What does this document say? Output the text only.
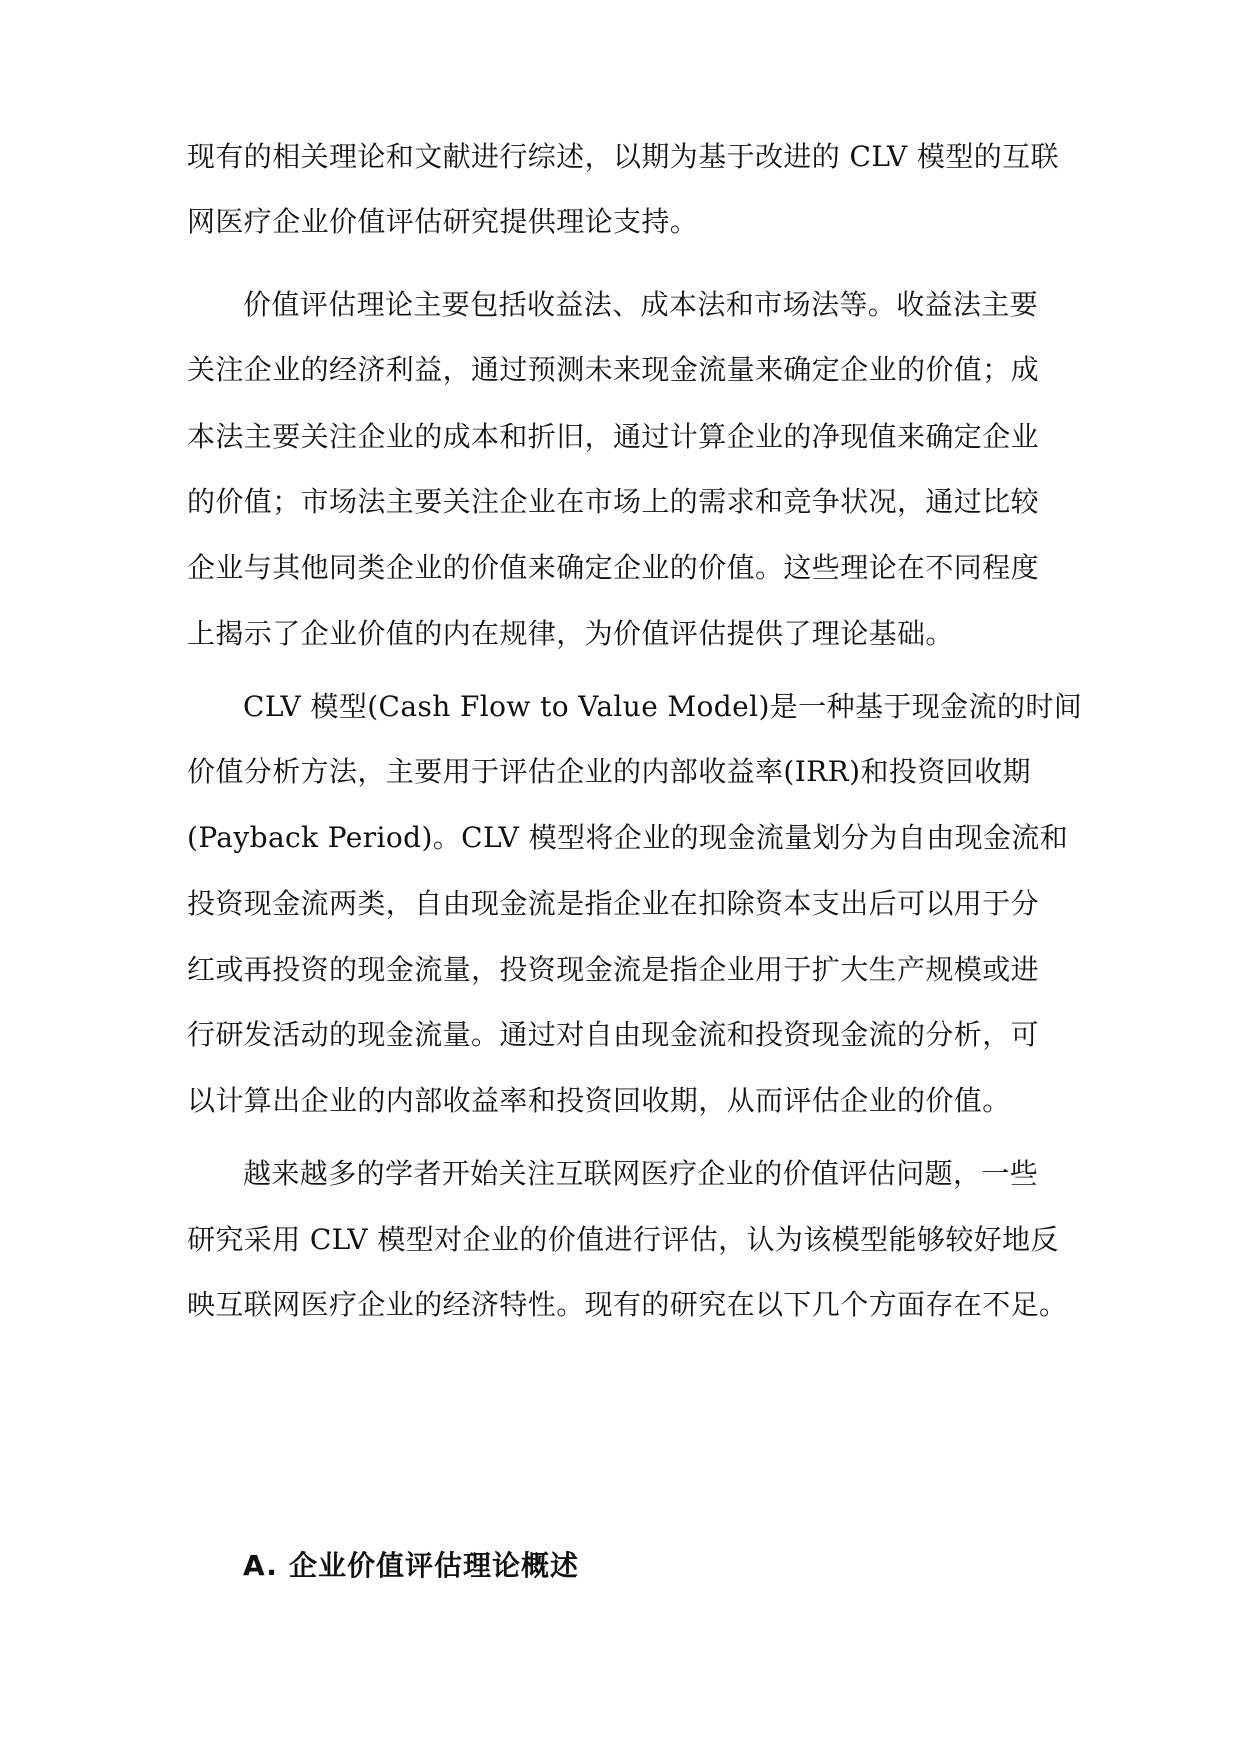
现有的相关理论和文献进行综述，以期为基于改进的 CLV 模型的互联
网医疗企业价值评估研究提供理论支持。
价值评估理论主要包括收益法、成本法和市场法等。收益法主要
关注企业的经济利益，通过预测未来现金流量来确定企业的价值；成
本法主要关注企业的成本和折旧，通过计算企业的净现值来确定企业
的价值；市场法主要关注企业在市场上的需求和竞争状况，通过比较
企业与其他同类企业的价值来确定企业的价值。这些理论在不同程度
上揭示了企业价值的内在规律，为价值评估提供了理论基础。
CLV 模型(Cash Flow to Value Model)是一种基于现金流的时间
价值分析方法，主要用于评估企业的内部收益率(IRR)和投资回收期
(Payback Period)。CLV 模型将企业的现金流量划分为自由现金流和
投资现金流两类，自由现金流是指企业在扣除资本支出后可以用于分
红或再投资的现金流量，投资现金流是指企业用于扩大生产规模或进
行研发活动的现金流量。通过对自由现金流和投资现金流的分析，可
以计算出企业的内部收益率和投资回收期，从而评估企业的价值。
越来越多的学者开始关注互联网医疗企业的价值评估问题，一些
研究采用 CLV 模型对企业的价值进行评估，认为该模型能够较好地反
映互联网医疗企业的经济特性。现有的研究在以下几个方面存在不足。
A. 企业价值评估理论概述
